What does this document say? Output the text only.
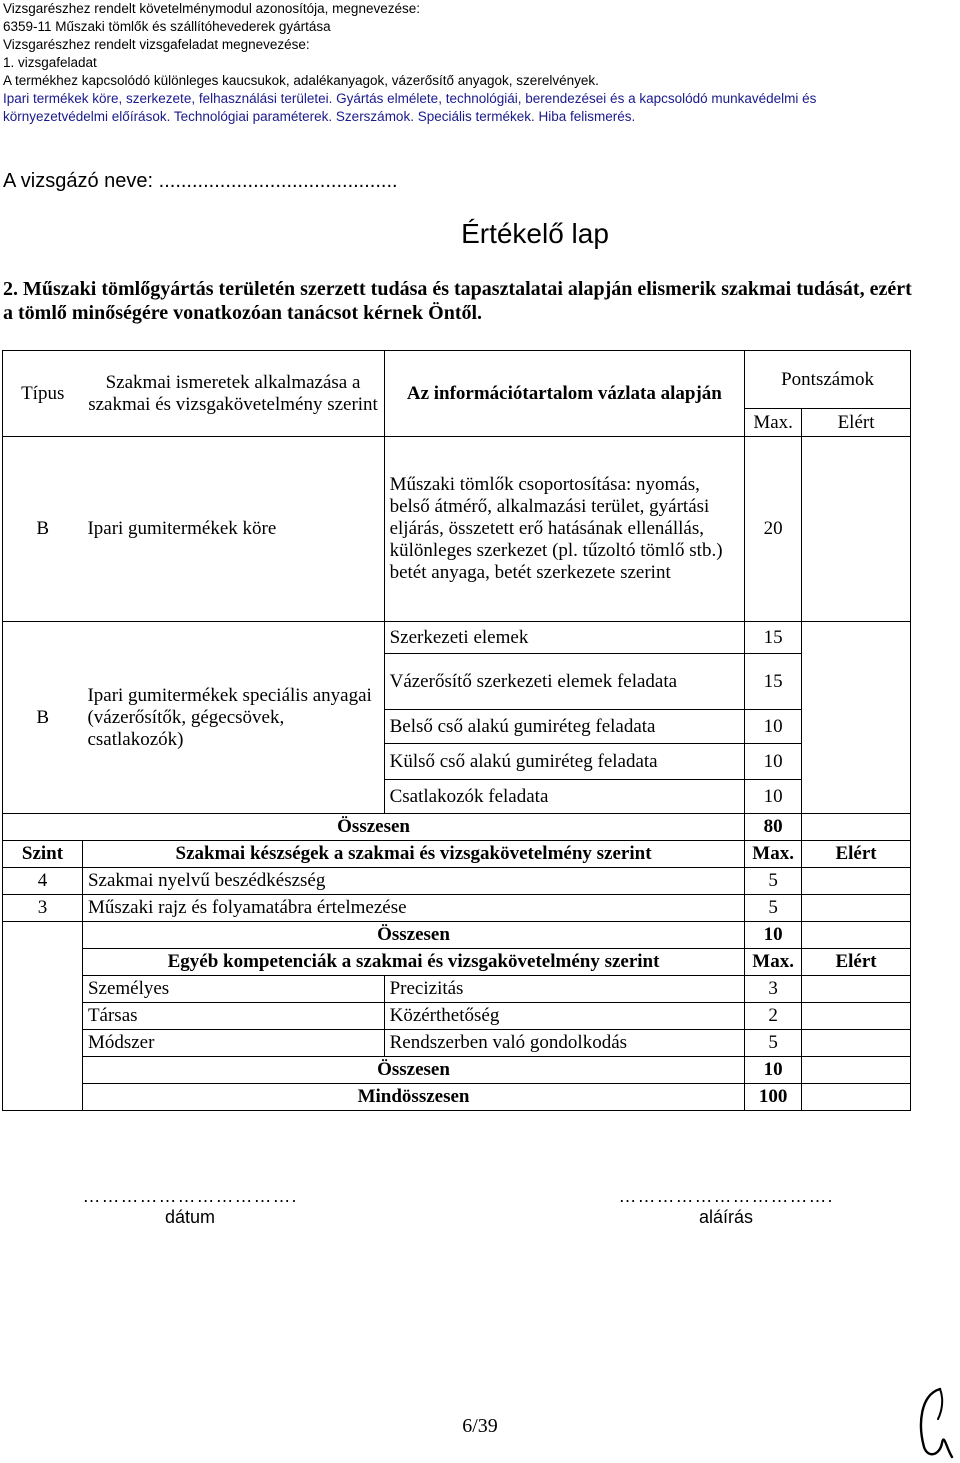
Vizsgarészhez rendelt követelménymodul azonosítója, megnevezése:
6359-11 Műszaki tömlők és szállítóhevederek gyártása
Vizsgarészhez rendelt vizsgafeladat megnevezése:
1. vizsgafeladat
A termékhez kapcsolódó különleges kaucsukok, adalékanyagok, vázerősítő anyagok, szerelvények.
Ipari termékek köre, szerkezete, felhasználási területei. Gyártás elmélete, technológiái, berendezései és a kapcsolódó munkavédelmi és
környezetvédelmi előírások. Technológiai paraméterek. Szerszámok. Speciális termékek. Hiba felismerés.
A vizsgázó neve: ...........................................
Értékelő lap
2. Műszaki tömlőgyártás területén szerzett tudása és tapasztalatai alapján elismerik szakmai tudását, ezért a tömlő minőségére vonatkozóan tanácsot kérnek Öntől.
Típus	Szakmai ismeretek alkalmazása a szakmai és vizsgakövetelmény szerint	Az információtartalom vázlata alapján	Pontszámok	
			Max.	Elért
B	Ipari gumitermékek köre	Műszaki tömlők csoportosítása: nyomás, belső átmérő, alkalmazási terület, gyártási eljárás, összetett erő hatásának ellenállás, különleges szerkezet (pl. tűzoltó tömlő stb.) betét anyaga, betét szerkezete szerint	20	
B	Ipari gumitermékek speciális anyagai (vázerősítők, gégecsövek, csatlakozók)	Szerkezeti elemek	15	
		Vázerősítő szerkezeti elemek feladata	15	
		Belső cső alakú gumiréteg feladata	10	
		Külső cső alakú gumiréteg feladata	10	
		Csatlakozók feladata	10	
Összesen			80	
Szint	Szakmai készségek a szakmai és vizsgakövetelmény szerint		Max.	Elért
4	Szakmai nyelvű beszédkészség		5	
3	Műszaki rajz és folyamatábra értelmezése		5	
	Összesen		10	
	Egyéb kompetenciák a szakmai és vizsgakövetelmény szerint		Max.	Elért
	Személyes	Precizitás	3	
	Társas	Közérthetőség	2	
	Módszer	Rendszerben való gondolkodás	5	
	Összesen		10	
	Mindösszesen		100	
…………………………….
dátum
…………………………….
aláírás
6/39
